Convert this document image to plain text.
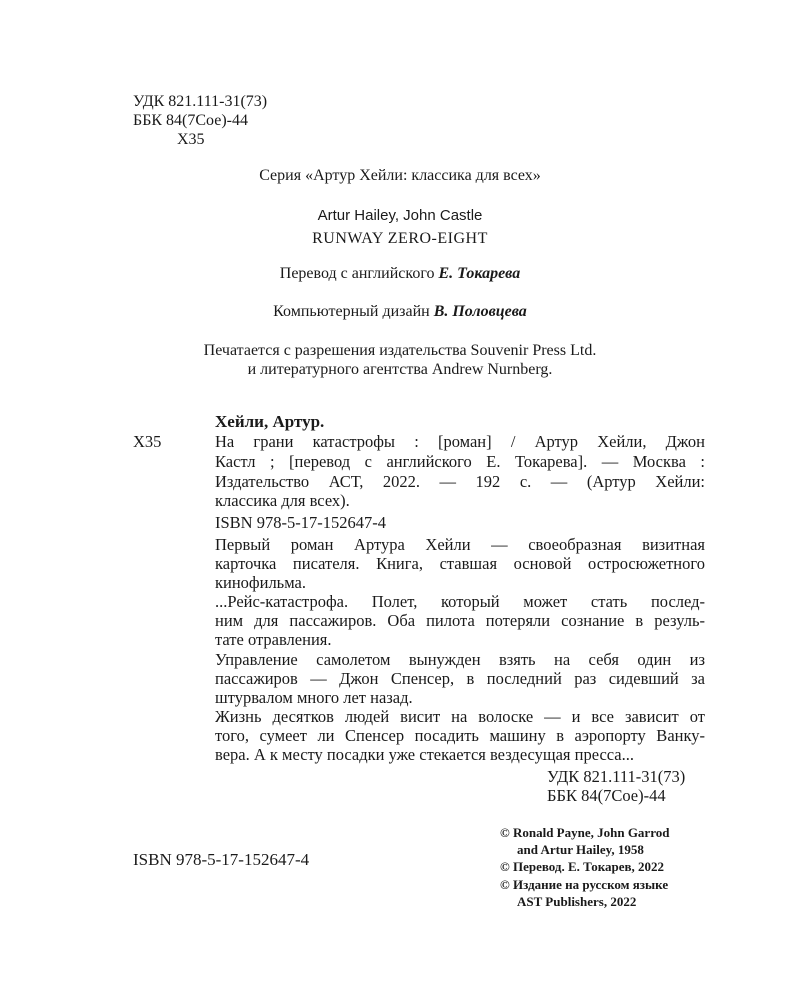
УДК 821.111-31(73)
ББК 84(7Сое)-44
Х35
Серия «Артур Хейли: классика для всех»
Artur Hailey, John Castle
RUNWAY ZERO-EIGHT
Перевод с английского Е. Токарева
Компьютерный дизайн В. Половцева
Печатается с разрешения издательства Souvenir Press Ltd.
и литературного агентства Andrew Nurnberg.
Хейли, Артур.
Х35	На грани катастрофы : [роман] / Артур Хейли, Джон
Кастл ; [перевод с английского Е. Токарева]. — Москва :
Издательство АСТ, 2022. — 192 с. — (Артур Хейли:
классика для всех).
ISBN 978-5-17-152647-4
Первый роман Артура Хейли — своеобразная визитная
карточка писателя. Книга, ставшая основой остросюжетного
кинофильма.
...Рейс-катастрофа. Полет, который может стать послед-
ним для пассажиров. Оба пилота потеряли сознание в резуль-
тате отравления.
Управление самолетом вынужден взять на себя один из
пассажиров — Джон Спенсер, в последний раз сидевший за
штурвалом много лет назад.
Жизнь десятков людей висит на волоске — и все зависит от
того, сумеет ли Спенсер посадить машину в аэропорту Ванку-
вера. А к месту посадки уже стекается вездесущая пресса...
УДК 821.111-31(73)
ББК 84(7Сое)-44
© Ronald Payne, John Garrod
and Artur Hailey, 1958
© Перевод. Е. Токарев, 2022
© Издание на русском языке
AST Publishers, 2022
ISBN 978-5-17-152647-4
